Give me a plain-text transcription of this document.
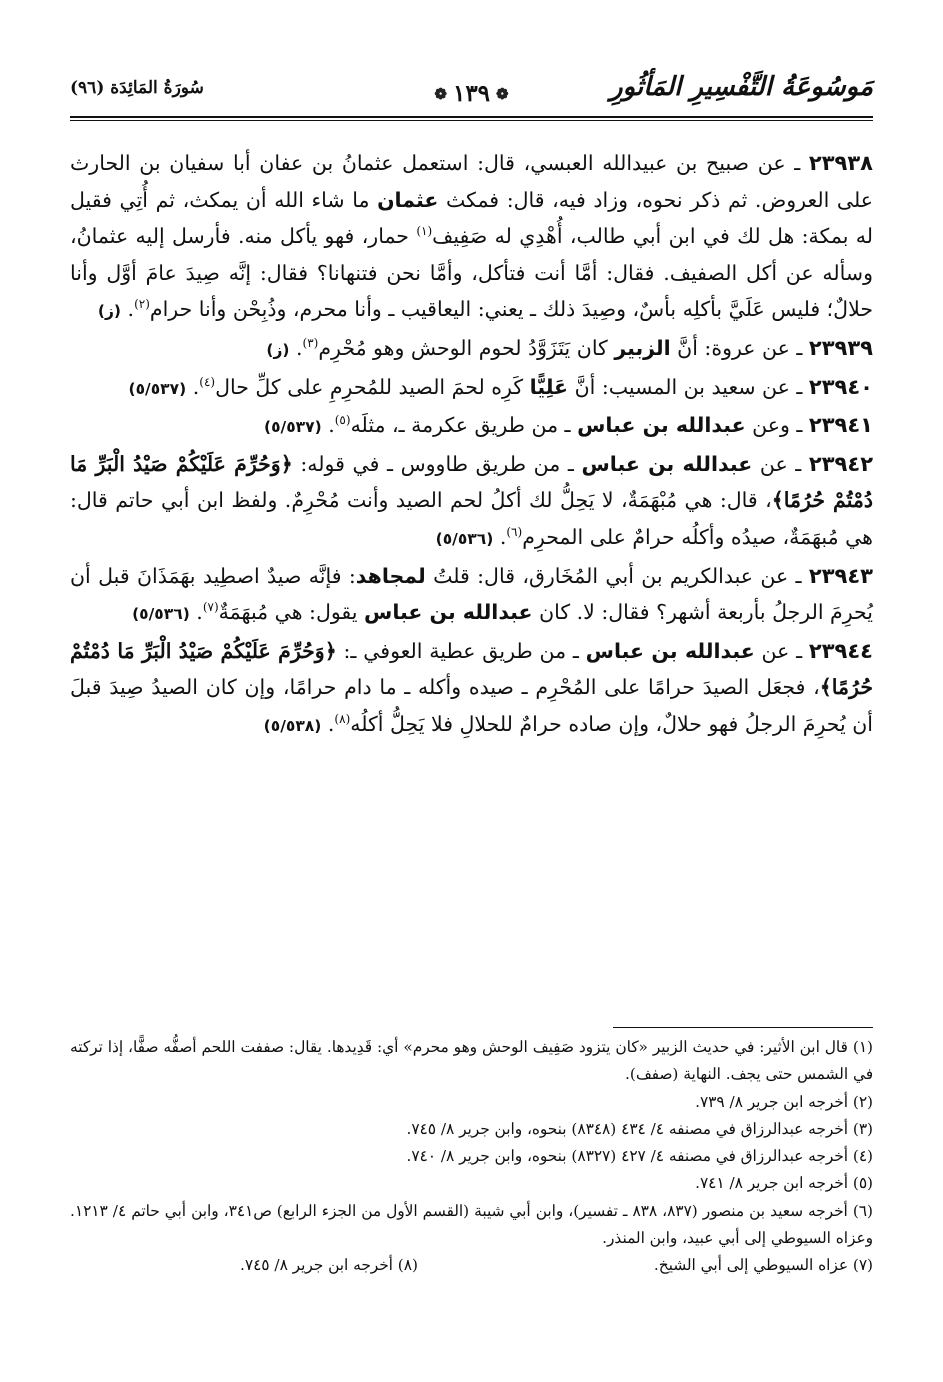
مَوسُوعَةُ التَّفْسِيرِ المَأثُورِ
❁ ١٣٩ ❁
سُورَةُ المَائِدَة (٩٦)

٢٣٩٣٨ ـ عن صبيح بن عبيدالله العبسي، قال: استعمل عثمانُ بن عفان أبا سفيان بن الحارث على العروض. ثم ذكر نحوه، وزاد فيه، قال: فمكث عثمان ما شاء الله أن يمكث، ثم أُتِي فقيل له بمكة: هل لك في ابن أبي طالب، أُهْدِي له صَفِيف$^{(١)}$ حمار، فهو يأكل منه. فأرسل إليه عثمانُ، وسأله عن أكل الصفيف. فقال: أمَّا أنت فتأكل، وأمَّا نحن فتنهانا؟ فقال: إنَّه صِيدَ عامَ أوَّل وأنا حلالٌ؛ فليس عَلَيَّ بأكلِه بأسٌ، وصِيدَ ذلك ـ يعني: اليعاقيب ـ وأنا محرم، وذُبِحْن وأنا حرام$^{(٢)}$. (ز)

٢٣٩٣٩ ـ عن عروة: أنَّ الزبير كان يَتَزَوَّدُ لحوم الوحش وهو مُحْرِم$^{(٣)}$. (ز)

٢٣٩٤٠ ـ عن سعيد بن المسيب: أنَّ عَلِيًّا كَرِه لحمَ الصيد للمُحرِمِ على كلِّ حال$^{(٤)}$. (٥/٥٣٧)

٢٣٩٤١ ـ وعن عبدالله بن عباس ـ من طريق عكرمة ـ، مثلَه$^{(٥)}$. (٥/٥٣٧)

٢٣٩٤٢ ـ عن عبدالله بن عباس ـ من طريق طاووس ـ في قوله: ﴿وَحُرِّمَ عَلَيْكُمْ صَيْدُ الْبَرِّ مَا دُمْتُمْ حُرُمًا﴾، قال: هي مُبْهَمَةٌ، لا يَحِلُّ لك أكلُ لحم الصيد وأنت مُحْرِمٌ. ولفظ ابن أبي حاتم قال: هي مُبهَمَةٌ، صيدُه وأكلُه حرامٌ على المحرِم$^{(٦)}$. (٥/٥٣٦)

٢٣٩٤٣ ـ عن عبدالكريم بن أبي المُخَارق، قال: قلتُ لمجاهد: فإنَّه صيدٌ اصطِيد بهَمَذَانَ قبل أن يُحرِمَ الرجلُ بأربعة أشهر؟ فقال: لا. كان عبدالله بن عباس يقول: هي مُبهَمَةٌ$^{(٧)}$. (٥/٥٣٦)

٢٣٩٤٤ ـ عن عبدالله بن عباس ـ من طريق عطية العوفي ـ: ﴿وَحُرِّمَ عَلَيْكُمْ صَيْدُ الْبَرِّ مَا دُمْتُمْ حُرُمًا﴾، فجعَل الصيدَ حرامًا على المُحْرِم ـ صيده وأكله ـ ما دام حرامًا، وإن كان الصيدُ صِيدَ قبلَ أن يُحرِمَ الرجلُ فهو حلالٌ، وإن صاده حرامٌ للحلالِ فلا يَحِلُّ أكلُه$^{(٨)}$. (٥/٥٣٨)

(١) قال ابن الأثير: في حديث الزبير «كان يتزود صَفِيف الوحش وهو محرم» أي: قَدِيدها. يقال: صففت اللحم أصفُّه صفًّا، إذا تركته في الشمس حتى يجف. النهاية (صفف).

(٢) أخرجه ابن جرير ٨/ ٧٣٩.

(٣) أخرجه عبدالرزاق في مصنفه ٤/ ٤٣٤ (٨٣٤٨) بنحوه، وابن جرير ٨/ ٧٤٥.

(٤) أخرجه عبدالرزاق في مصنفه ٤/ ٤٢٧ (٨٣٢٧) بنحوه، وابن جرير ٨/ ٧٤٠.

(٥) أخرجه ابن جرير ٨/ ٧٤١.

(٦) أخرجه سعيد بن منصور (٨٣٧، ٨٣٨ ـ تفسير)، وابن أبي شيبة (القسم الأول من الجزء الرابع) ص٣٤١، وابن أبي حاتم ٤/ ١٢١٣. وعزاه السيوطي إلى أبي عبيد، وابن المنذر.

(٧) عزاه السيوطي إلى أبي الشيخ.

(٨) أخرجه ابن جرير ٨/ ٧٤٥.
